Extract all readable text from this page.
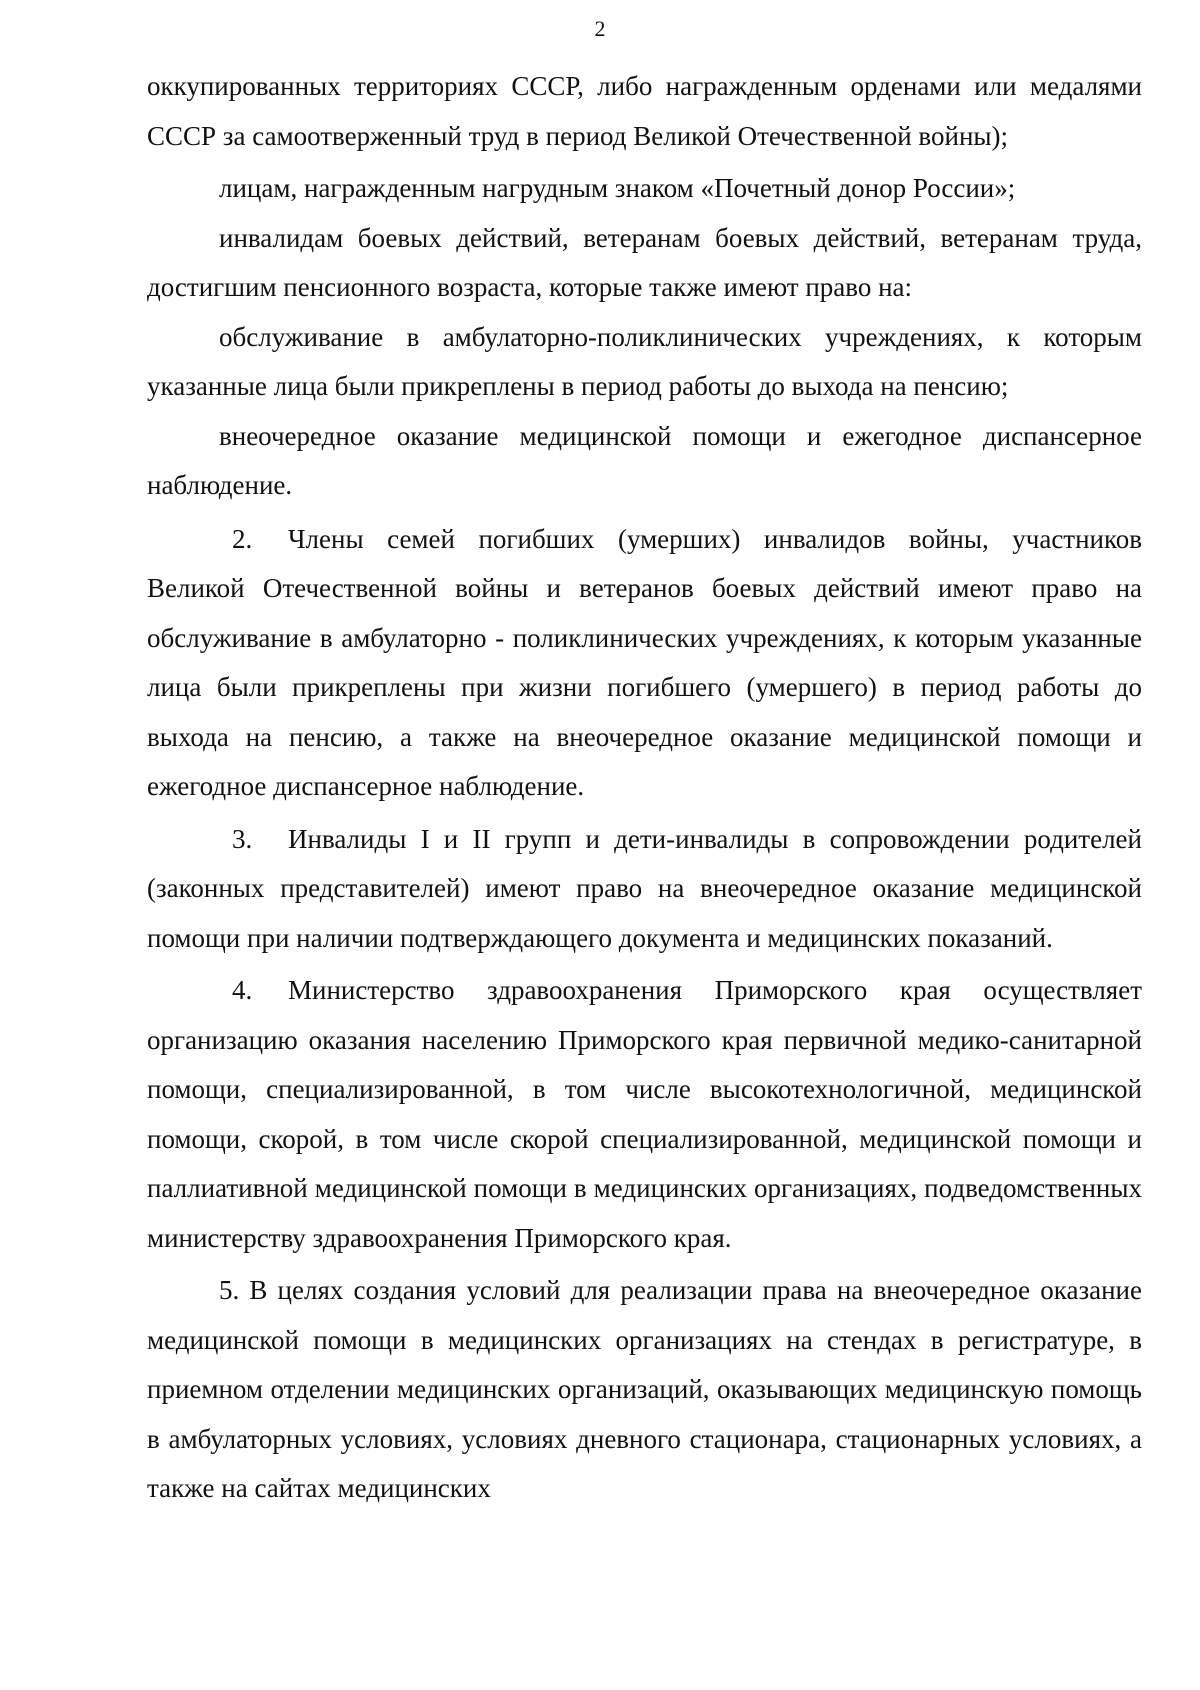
2

оккупированных территориях СССР, либо награжденным орденами или медалями СССР за самоотверженный труд в период Великой Отечественной войны);

лицам, награжденным нагрудным знаком «Почетный донор России»;

инвалидам боевых действий, ветеранам боевых действий, ветеранам труда, достигшим пенсионного возраста, которые также имеют право на:

обслуживание в амбулаторно-поликлинических учреждениях, к которым указанные лица были прикреплены в период работы до выхода на пенсию;

внеочередное оказание медицинской помощи и ежегодное диспансерное наблюдение.

2. Члены семей погибших (умерших) инвалидов войны, участников Великой Отечественной войны и ветеранов боевых действий имеют право на обслуживание в амбулаторно - поликлинических учреждениях, к которым указанные лица были прикреплены при жизни погибшего (умершего) в период работы до выхода на пенсию, а также на внеочередное оказание медицинской помощи и ежегодное диспансерное наблюдение.

3. Инвалиды I и II групп и дети-инвалиды в сопровождении родителей (законных представителей) имеют право на внеочередное оказание медицинской помощи при наличии подтверждающего документа и медицинских показаний.

4. Министерство здравоохранения Приморского края осуществляет организацию оказания населению Приморского края первичной медико-санитарной помощи, специализированной, в том числе высокотехнологичной, медицинской помощи, скорой, в том числе скорой специализированной, медицинской помощи и паллиативной медицинской помощи в медицинских организациях, подведомственных министерству здравоохранения Приморского края.

5. В целях создания условий для реализации права на внеочередное оказание медицинской помощи в медицинских организациях на стендах в регистратуре, в приемном отделении медицинских организаций, оказывающих медицинскую помощь в амбулаторных условиях, условиях дневного стационара, стационарных условиях, а также на сайтах медицинских
